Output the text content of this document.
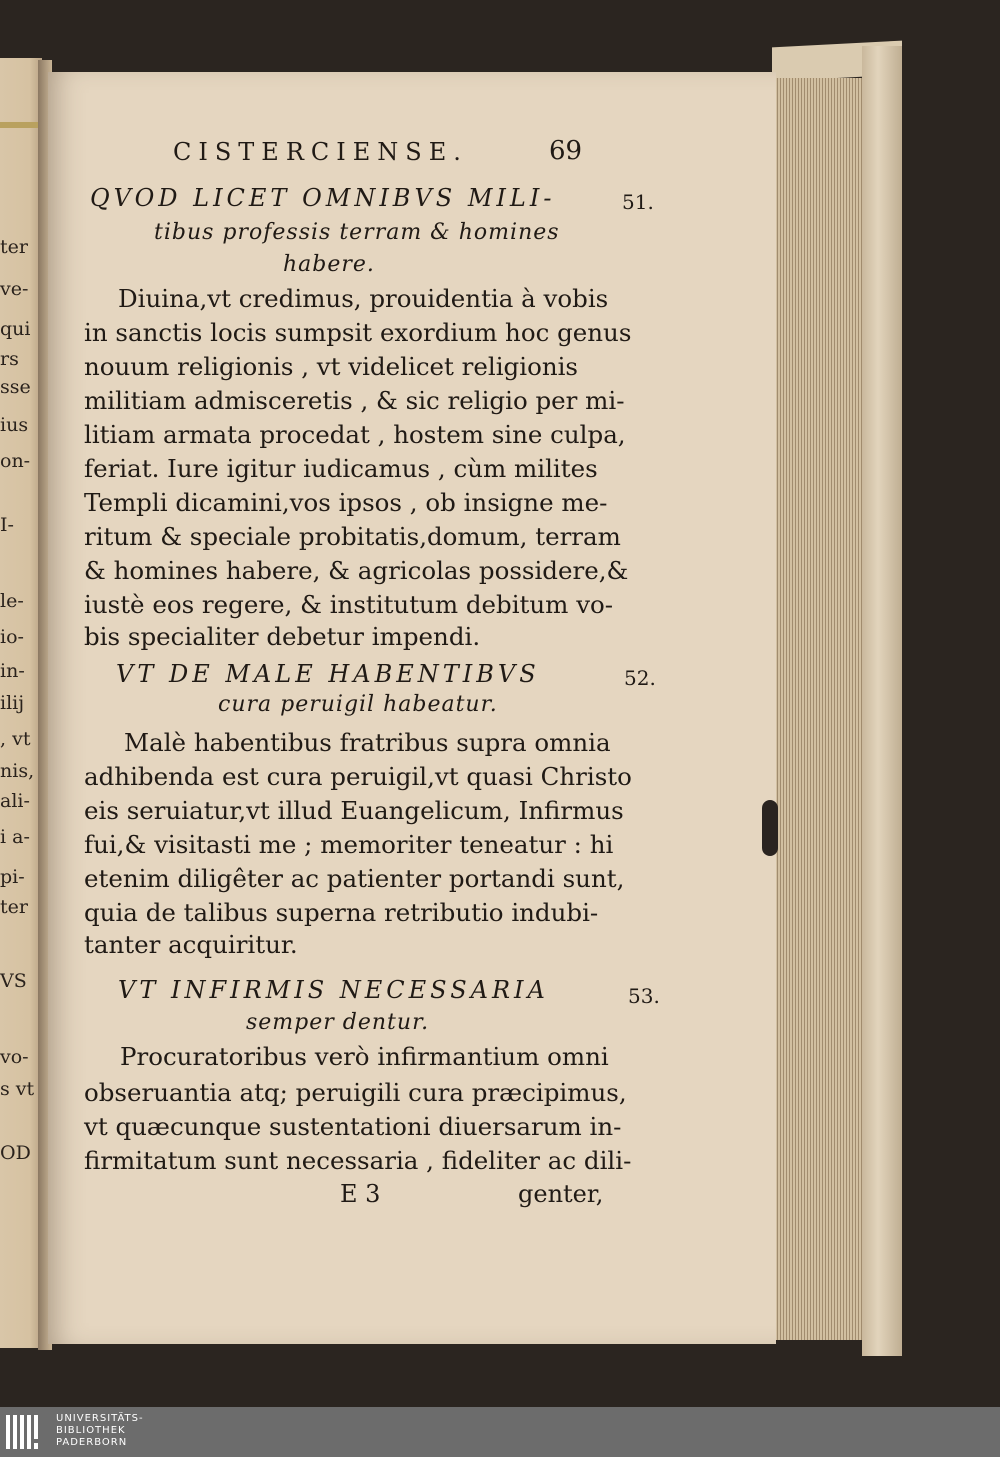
ter
ve-
qui
rs
sse
ius
on-
I-
le-
io-
in-
ilij
, vt
nis,
ali-
i a-
pi-
ter
VS
vo-
s vt
OD
CISTERCIENSE.	69
51.
QVOD LICET OMNIBVS MILI-
tibus professis terram & homines
habere.
Diuina,vt credimus, prouidentia à vobis
in sanctis locis sumpsit exordium hoc genus
nouum religionis , vt videlicet religionis
militiam admisceretis , & sic religio per mi-
litiam armata procedat , hostem sine culpa,
feriat. Iure igitur iudicamus , cùm milites
Templi dicamini,vos ipsos , ob insigne me-
ritum & speciale probitatis,domum, terram
& homines habere, & agricolas possidere,&
iustè eos regere, & institutum debitum vo-
bis specialiter debetur impendi.
52.
VT DE MALE HABENTIBVS
cura peruigil habeatur.
Malè habentibus fratribus supra omnia
adhibenda est cura peruigil,vt quasi Christo
eis seruiatur,vt illud Euangelicum, Infirmus
fui,& visitasti me ; memoriter teneatur : hi
etenim diligêter ac patienter portandi sunt,
quia de talibus superna retributio indubi-
tanter acquiritur.
53.
VT INFIRMIS NECESSARIA
semper dentur.
Procuratoribus verò infirmantium omni
obseruantia atq; peruigili cura præcipimus,
vt quæcunque sustentationi diuersarum in-
firmitatum sunt necessaria , fideliter ac dili-
E 3	genter,
UNIVERSITÄTS-
BIBLIOTHEK
PADERBORN
